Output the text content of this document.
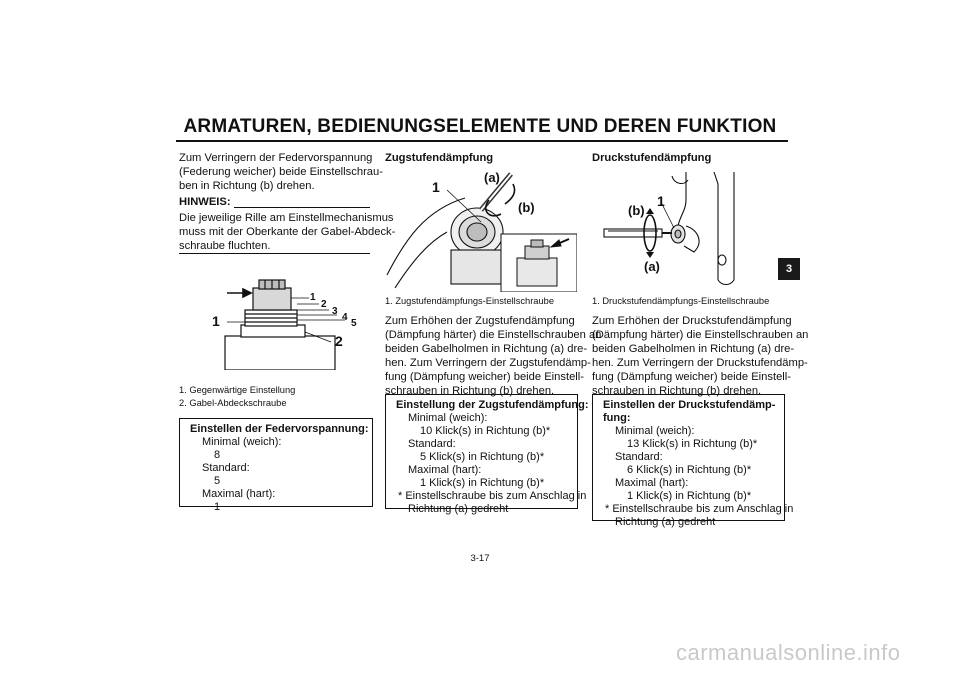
ARMATUREN, BEDIENUNGSELEMENTE UND DEREN FUNKTION
3
Zum Verringern der Federvorspannung
(Federung weicher) beide Einstellschrau-
ben in Richtung (b) drehen.
HINWEIS:
Die jeweilige Rille am Einstellmechanismus
muss mit der Oberkante der Gabel-Abdeck-
schraube fluchten.
1
2
3
4
5
1
2
1. Gegenwärtige Einstellung
2. Gabel-Abdeckschraube
Einstellen der Federvorspannung:
Minimal (weich):
8
Standard:
5
Maximal (hart):
1
Zugstufendämpfung
1
(a)
(b)
1. Zugstufendämpfungs-Einstellschraube
Zum Erhöhen der Zugstufendämpfung
(Dämpfung härter) die Einstellschrauben an
beiden Gabelholmen in Richtung (a) dre-
hen. Zum Verringern der Zugstufendämp-
fung (Dämpfung weicher) beide Einstell-
schrauben in Richtung (b) drehen.
Einstellung der Zugstufendämpfung:
Minimal (weich):
10 Klick(s) in Richtung (b)*
Standard:
5 Klick(s) in Richtung (b)*
Maximal (hart):
1 Klick(s) in Richtung (b)*
* Einstellschraube bis zum Anschlag in
Richtung (a) gedreht
Druckstufendämpfung
1
(b)
(a)
1. Druckstufendämpfungs-Einstellschraube
Zum Erhöhen der Druckstufendämpfung
(Dämpfung härter) die Einstellschrauben an
beiden Gabelholmen in Richtung (a) dre-
hen. Zum Verringern der Druckstufendämp-
fung (Dämpfung weicher) beide Einstell-
schrauben in Richtung (b) drehen.
Einstellen der Druckstufendämp-
fung:
Minimal (weich):
13 Klick(s) in Richtung (b)*
Standard:
6 Klick(s) in Richtung (b)*
Maximal (hart):
1 Klick(s) in Richtung (b)*
* Einstellschraube bis zum Anschlag in
Richtung (a) gedreht
3-17
carmanualsonline.info
